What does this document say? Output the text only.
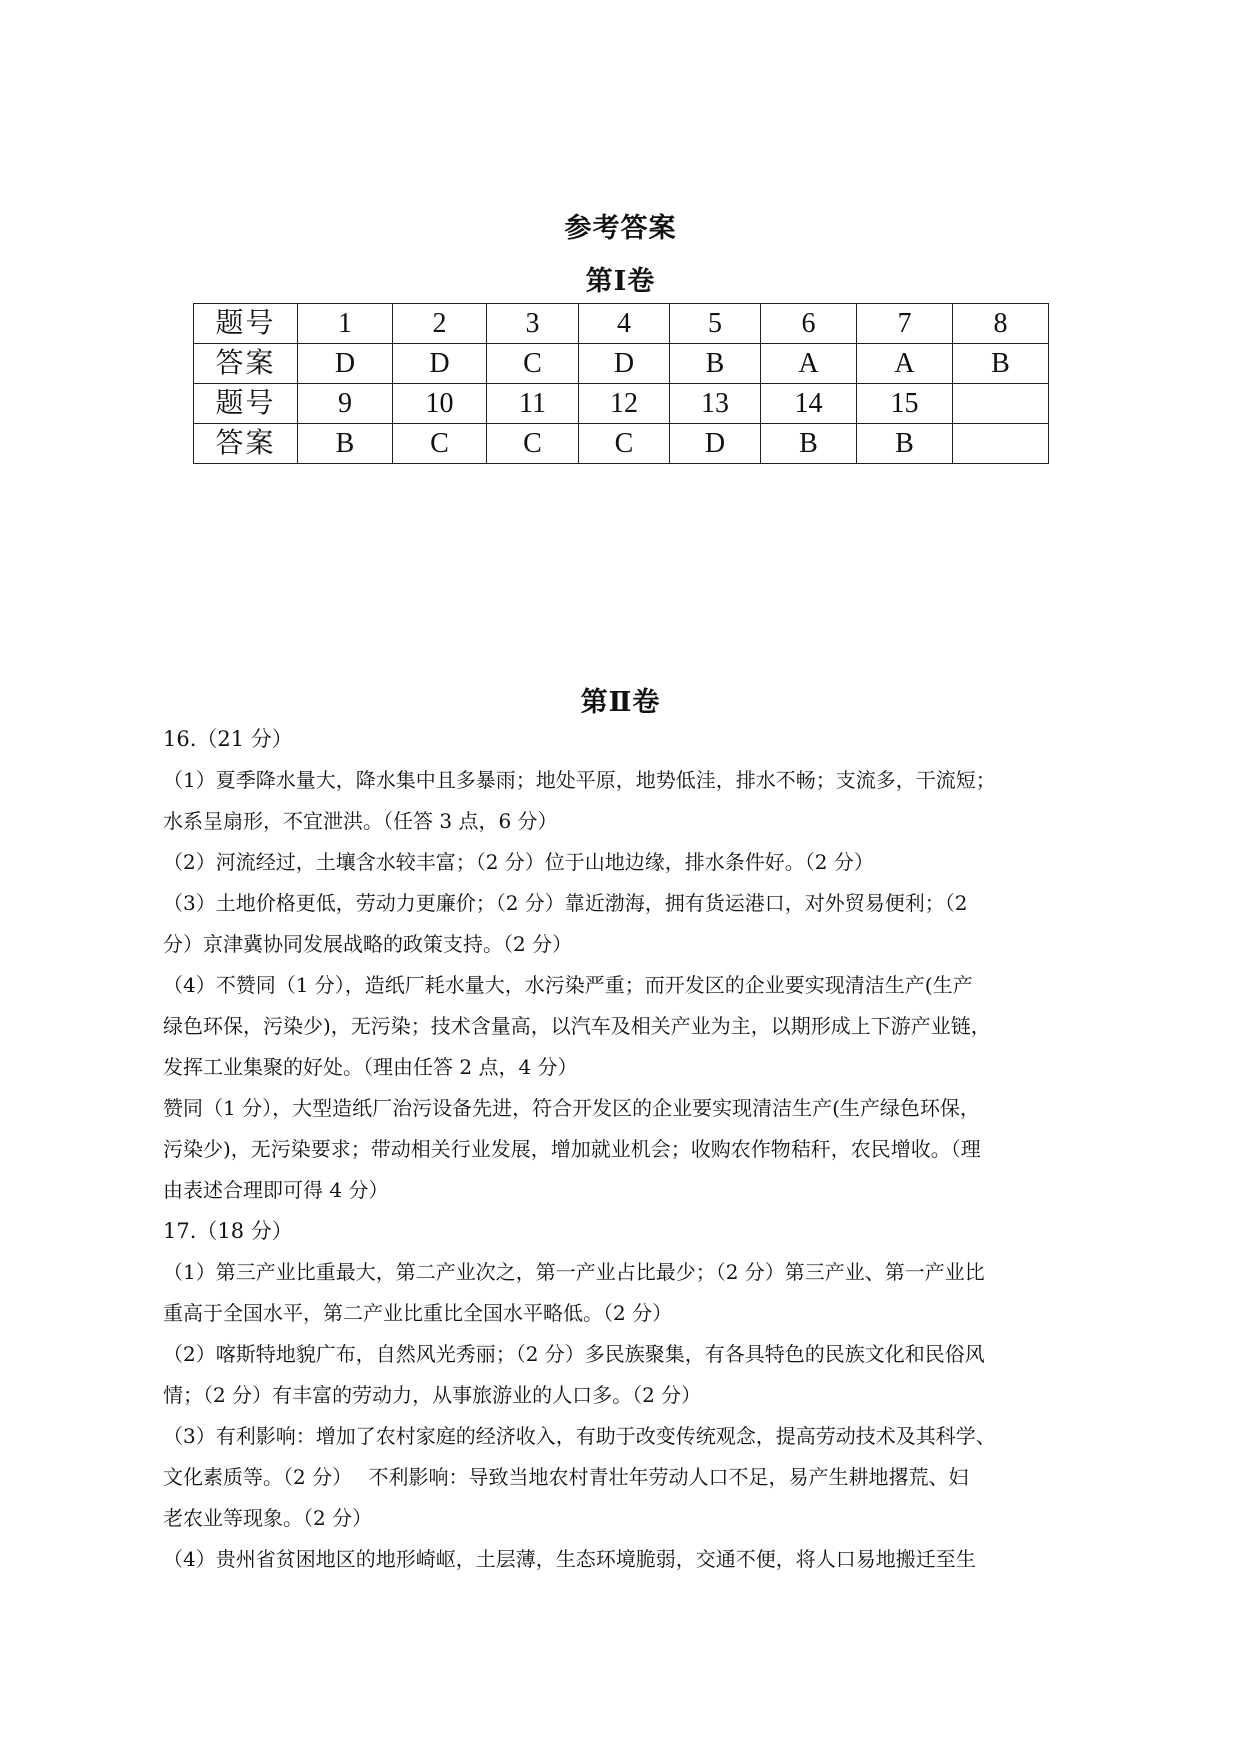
参考答案
第Ⅰ卷
题号	1	2	3	4	5	6	7	8
答案	D	D	C	D	B	A	A	B
题号	9	10	11	12	13	14	15	
答案	B	C	C	C	D	B	B	
第Ⅱ卷

16.（21 分）

（1）夏季降水量大，降水集中且多暴雨；地处平原，地势低洼，排水不畅；支流多，干流短；

水系呈扇形，不宜泄洪。（任答 3 点，6 分）

（2）河流经过，土壤含水较丰富；（2 分）位于山地边缘，排水条件好。（2 分）

（3）土地价格更低，劳动力更廉价；（2 分）靠近渤海，拥有货运港口，对外贸易便利；（2

分）京津冀协同发展战略的政策支持。（2 分）

（4）不赞同（1 分），造纸厂耗水量大，水污染严重；而开发区的企业要实现清洁生产(生产

绿色环保，污染少)，无污染；技术含量高，以汽车及相关产业为主，以期形成上下游产业链，

发挥工业集聚的好处。（理由任答 2 点，4 分）

赞同（1 分），大型造纸厂治污设备先进，符合开发区的企业要实现清洁生产(生产绿色环保，

污染少)，无污染要求；带动相关行业发展，增加就业机会；收购农作物秸秆，农民增收。（理

由表述合理即可得 4 分）

17.（18 分）

（1）第三产业比重最大，第二产业次之，第一产业占比最少；（2 分）第三产业、第一产业比

重高于全国水平，第二产业比重比全国水平略低。（2 分）

（2）喀斯特地貌广布，自然风光秀丽；（2 分）多民族聚集，有各具特色的民族文化和民俗风

情；（2 分）有丰富的劳动力，从事旅游业的人口多。（2 分）

（3）有利影响：增加了农村家庭的经济收入，有助于改变传统观念，提高劳动技术及其科学、

文化素质等。（2 分）　 不利影响：导致当地农村青壮年劳动人口不足，易产生耕地撂荒、妇

老农业等现象。（2 分）

（4）贵州省贫困地区的地形崎岖，土层薄，生态环境脆弱，交通不便，将人口易地搬迁至生
